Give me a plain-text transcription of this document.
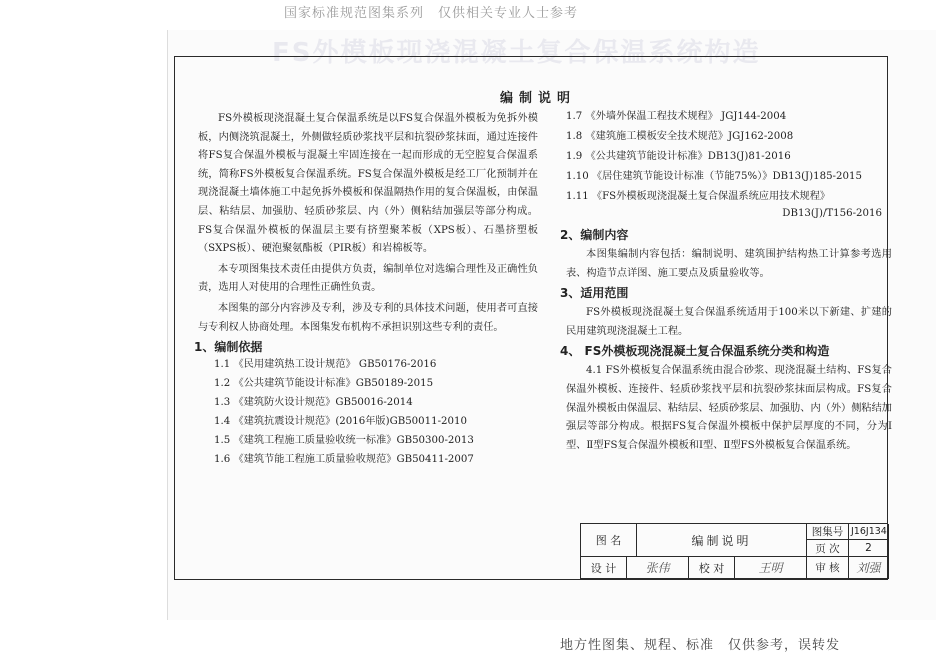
国家标准规范图集系列　仅供相关专业人士参考
FS外模板现浇混凝土复合保温系统构造
编制说明

FS外模板现浇混凝土复合保温系统是以FS复合保温外模板为免拆外模板，内侧浇筑混凝土，外侧做轻质砂浆找平层和抗裂砂浆抹面，通过连接件将FS复合保温外模板与混凝土牢固连接在一起而形成的无空腔复合保温系统，简称FS外模板复合保温系统。FS复合保温外模板是经工厂化预制并在现浇混凝土墙体施工中起免拆外模板和保温隔热作用的复合保温板，由保温层、粘结层、加强肋、轻质砂浆层、内（外）侧粘结加强层等部分构成。FS复合保温外模板的保温层主要有挤塑聚苯板（XPS板）、石墨挤塑板（SXPS板）、硬泡聚氨酯板（PIR板）和岩棉板等。

本专项图集技术责任由提供方负责，编制单位对选编合理性及正确性负责，选用人对使用的合理性正确性负责。

本图集的部分内容涉及专利，涉及专利的具体技术问题，使用者可直接与专利权人协商处理。本图集发布机构不承担识别这些专利的责任。

1、编制依据
1.1 《民用建筑热工设计规范》 GB50176-2016
1.2 《公共建筑节能设计标准》GB50189-2015
1.3 《建筑防火设计规范》GB50016-2014
1.4 《建筑抗震设计规范》(2016年版)GB50011-2010
1.5 《建筑工程施工质量验收统一标准》GB50300-2013
1.6 《建筑节能工程施工质量验收规范》GB50411-2007
1.7 《外墙外保温工程技术规程》 JGJ144-2004
1.8 《建筑施工模板安全技术规范》JGJ162-2008
1.9 《公共建筑节能设计标准》DB13(J)81-2016
1.10 《居住建筑节能设计标准（节能75%）》DB13(J)185-2015
1.11 《FS外模板现浇混凝土复合保温系统应用技术规程》
DB13(J)/T156-2016
2、编制内容

本图集编制内容包括：编制说明、建筑围护结构热工计算参考选用表、构造节点详图、施工要点及质量验收等。

3、适用范围

FS外模板现浇混凝土复合保温系统适用于100米以下新建、扩建的民用建筑现浇混凝土工程。

4、 FS外模板现浇混凝土复合保温系统分类和构造

4.1 FS外模板复合保温系统由混合砂浆、现浇混凝土结构、FS复合保温外模板、连接件、轻质砂浆找平层和抗裂砂浆抹面层构成。FS复合保温外模板由保温层、粘结层、轻质砂浆层、加强肋、内（外）侧粘结加强层等部分构成。根据FS复合保温外模板中保护层厚度的不同，分为Ⅰ型、Ⅱ型FS复合保温外模板和Ⅰ型、Ⅱ型FS外模板复合保温系统。

图 名	编制说明
图集号 J16J134
页 次	2
设 计	张伟	校 对	王明	审 核	刘强
地方性图集、规程、标准　仅供参考，误转发
